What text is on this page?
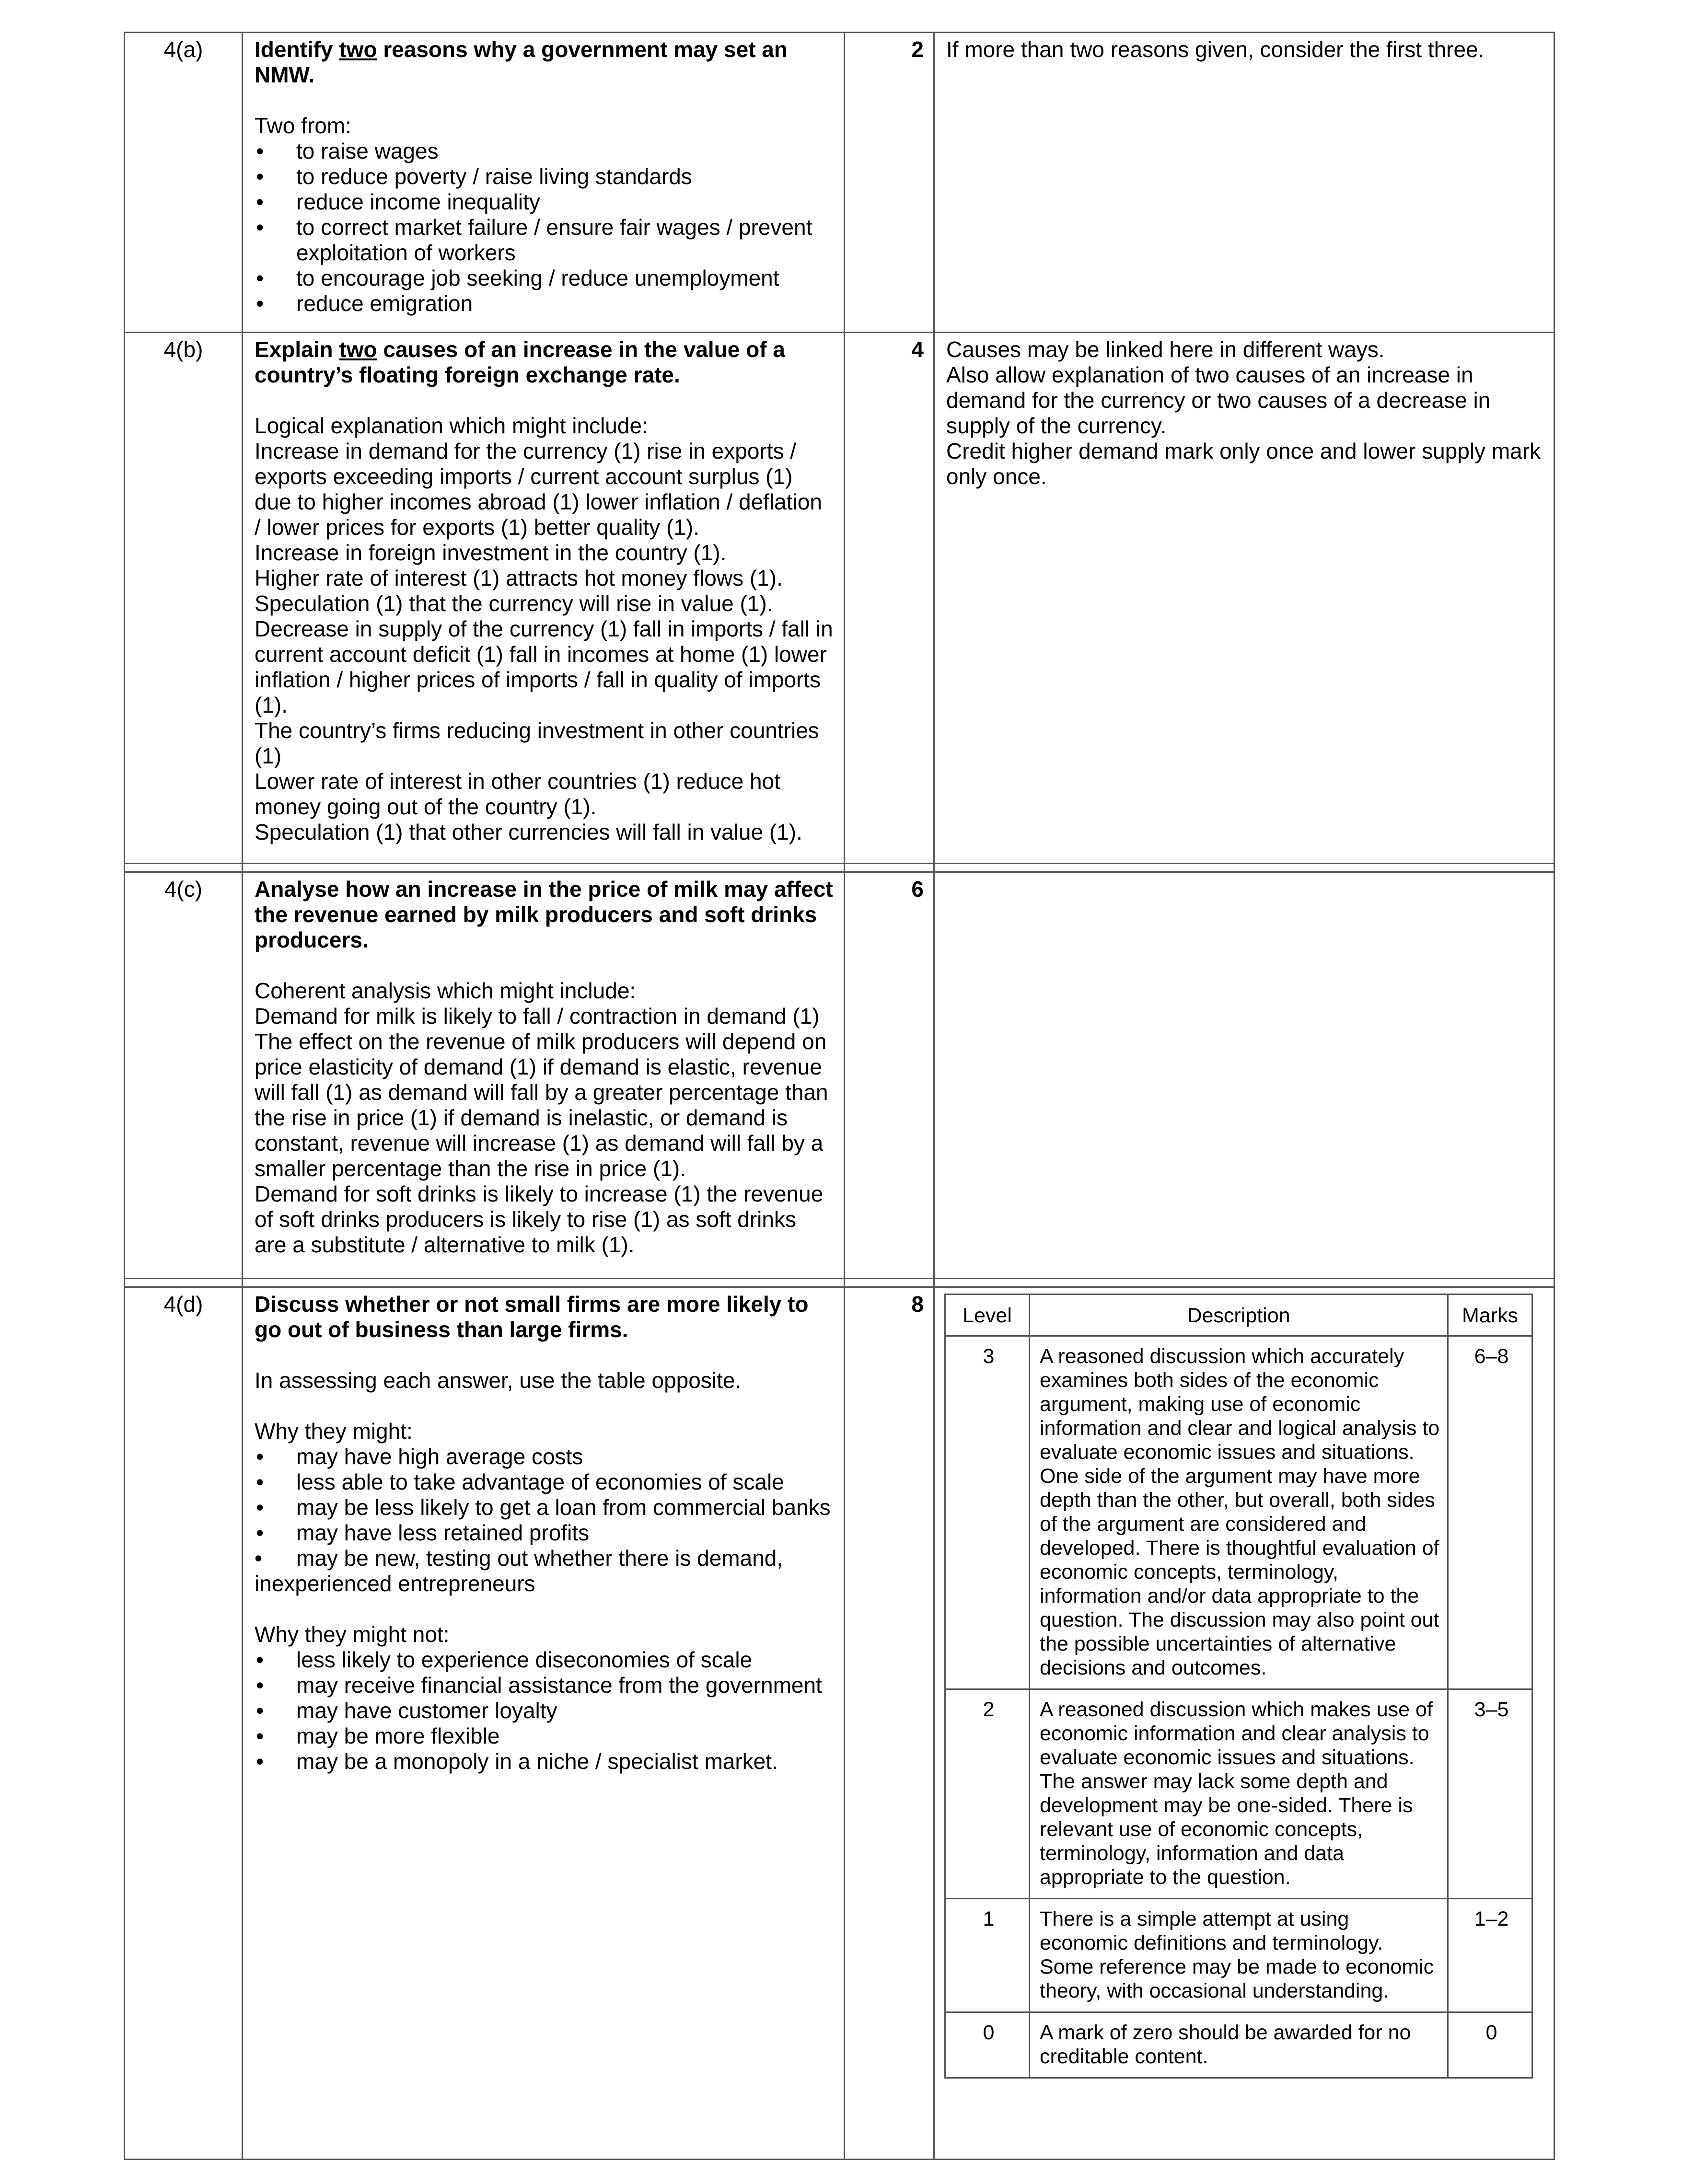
4(a)	Identify two reasons why a government may set an NMW.

Two from:

• to raise wages
• to reduce poverty / raise living standards
• reduce income inequality
• to correct market failure / ensure fair wages / prevent exploitation of workers
• to encourage job seeking / reduce unemployment
• reduce emigration
	2	If more than two reasons given, consider the first three.

4(b)	Explain two causes of an increase in the value of a country’s floating foreign exchange rate.

Logical explanation which might include:

Increase in demand for the currency (1) rise in exports / exports exceeding imports / current account surplus (1) due to higher incomes abroad (1) lower inflation / deflation / lower prices for exports (1) better quality (1).
Increase in foreign investment in the country (1).
Higher rate of interest (1) attracts hot money flows (1).
Speculation (1) that the currency will rise in value (1).
Decrease in supply of the currency (1) fall in imports / fall in current account deficit (1) fall in incomes at home (1) lower inflation / higher prices of imports / fall in quality of imports (1).
The country’s firms reducing investment in other countries (1)
Lower rate of interest in other countries (1) reduce hot money going out of the country (1).
Speculation (1) that other currencies will fall in value (1).
	4	Causes may be linked here in different ways.
Also allow explanation of two causes of an increase in demand for the currency or two causes of a decrease in supply of the currency.
Credit higher demand mark only once and lower supply mark only once.

4(c)	Analyse how an increase in the price of milk may affect the revenue earned by milk producers and soft drinks producers.

Coherent analysis which might include:

Demand for milk is likely to fall / contraction in demand (1)
The effect on the revenue of milk producers will depend on price elasticity of demand (1) if demand is elastic, revenue will fall (1) as demand will fall by a greater percentage than the rise in price (1) if demand is inelastic, or demand is constant, revenue will increase (1) as demand will fall by a smaller percentage than the rise in price (1).
Demand for soft drinks is likely to increase (1) the revenue of soft drinks producers is likely to rise (1) as soft drinks are a substitute / alternative to milk (1).
	6	

4(d)	Discuss whether or not small firms are more likely to go out of business than large firms.

In assessing each answer, use the table opposite.

Why they might:

• may have high average costs
• less able to take advantage of economies of scale
• may be less likely to get a loan from commercial banks
• may have less retained profits
• may be new, testing out whether there is demand,
inexperienced entrepreneurs

Why they might not:

• less likely to experience diseconomies of scale
• may receive financial assistance from the government
• may have customer loyalty
• may be more flexible
• may be a monopoly in a niche / specialist market.
	8	Level	Description	Marks
3	A reasoned discussion which accurately examines both sides of the economic argument, making use of economic information and clear and logical analysis to evaluate economic issues and situations. One side of the argument may have more depth than the other, but overall, both sides of the argument are considered and developed. There is thoughtful evaluation of economic concepts, terminology, information and/or data appropriate to the question. The discussion may also point out the possible uncertainties of alternative decisions and outcomes.	6–8
2	A reasoned discussion which makes use of economic information and clear analysis to evaluate economic issues and situations. The answer may lack some depth and development may be one-sided. There is relevant use of economic concepts, terminology, information and data appropriate to the question.	3–5
1	There is a simple attempt at using economic definitions and terminology. Some reference may be made to economic theory, with occasional understanding.	1–2
0	A mark of zero should be awarded for no creditable content.	0
